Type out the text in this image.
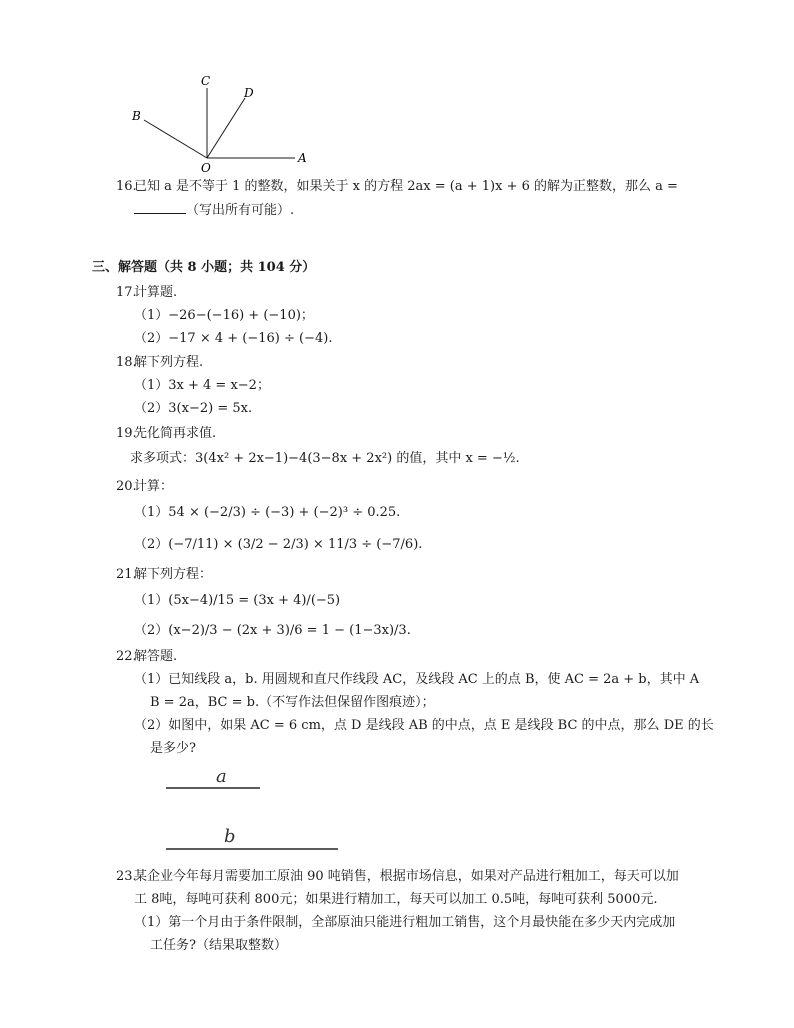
C
D
B
O
A
16.
已知 a 是不等于 1 的整数，如果关于 x 的方程 2ax = (a + 1)x + 6 的解为正整数，那么 a =
（写出所有可能）.
三、解答题（共 8 小题；共 104 分）
17.
计算题.
（1）−26−(−16) + (−10)；
（2）−17 × 4 + (−16) ÷ (−4).
18.
解下列方程.
（1）3x + 4 = x−2；
（2）3(x−2) = 5x.
19.
先化简再求值.
求多项式：3(4x² + 2x−1)−4(3−8x + 2x²) 的值，其中 x = −½.
20.
计算：
（1）54 × (−2/3) ÷ (−3) + (−2)³ ÷ 0.25.
（2）(−7/11) × (3/2 − 2/3) × 11/3 ÷ (−7/6).
21.
解下列方程：
（1）(5x−4)/15 = (3x + 4)/(−5)
（2）(x−2)/3 − (2x + 3)/6 = 1 − (1−3x)/3.
22.
解答题.
（1）已知线段 a，b. 用圆规和直尺作线段 AC，及线段 AC 上的点 B，使 AC = 2a + b，其中 A
B = 2a，BC = b.（不写作法但保留作图痕迹）；
（2）如图中，如果 AC = 6 cm，点 D 是线段 AB 的中点，点 E 是线段 BC 的中点，那么 DE 的长
是多少?
a
b
23.
某企业今年每月需要加工原油 90 吨销售，根据市场信息，如果对产品进行粗加工，每天可以加
工 8吨，每吨可获利 800元；如果进行精加工，每天可以加工 0.5吨，每吨可获利 5000元.
（1）第一个月由于条件限制，全部原油只能进行粗加工销售，这个月最快能在多少天内完成加
工任务?（结果取整数）
